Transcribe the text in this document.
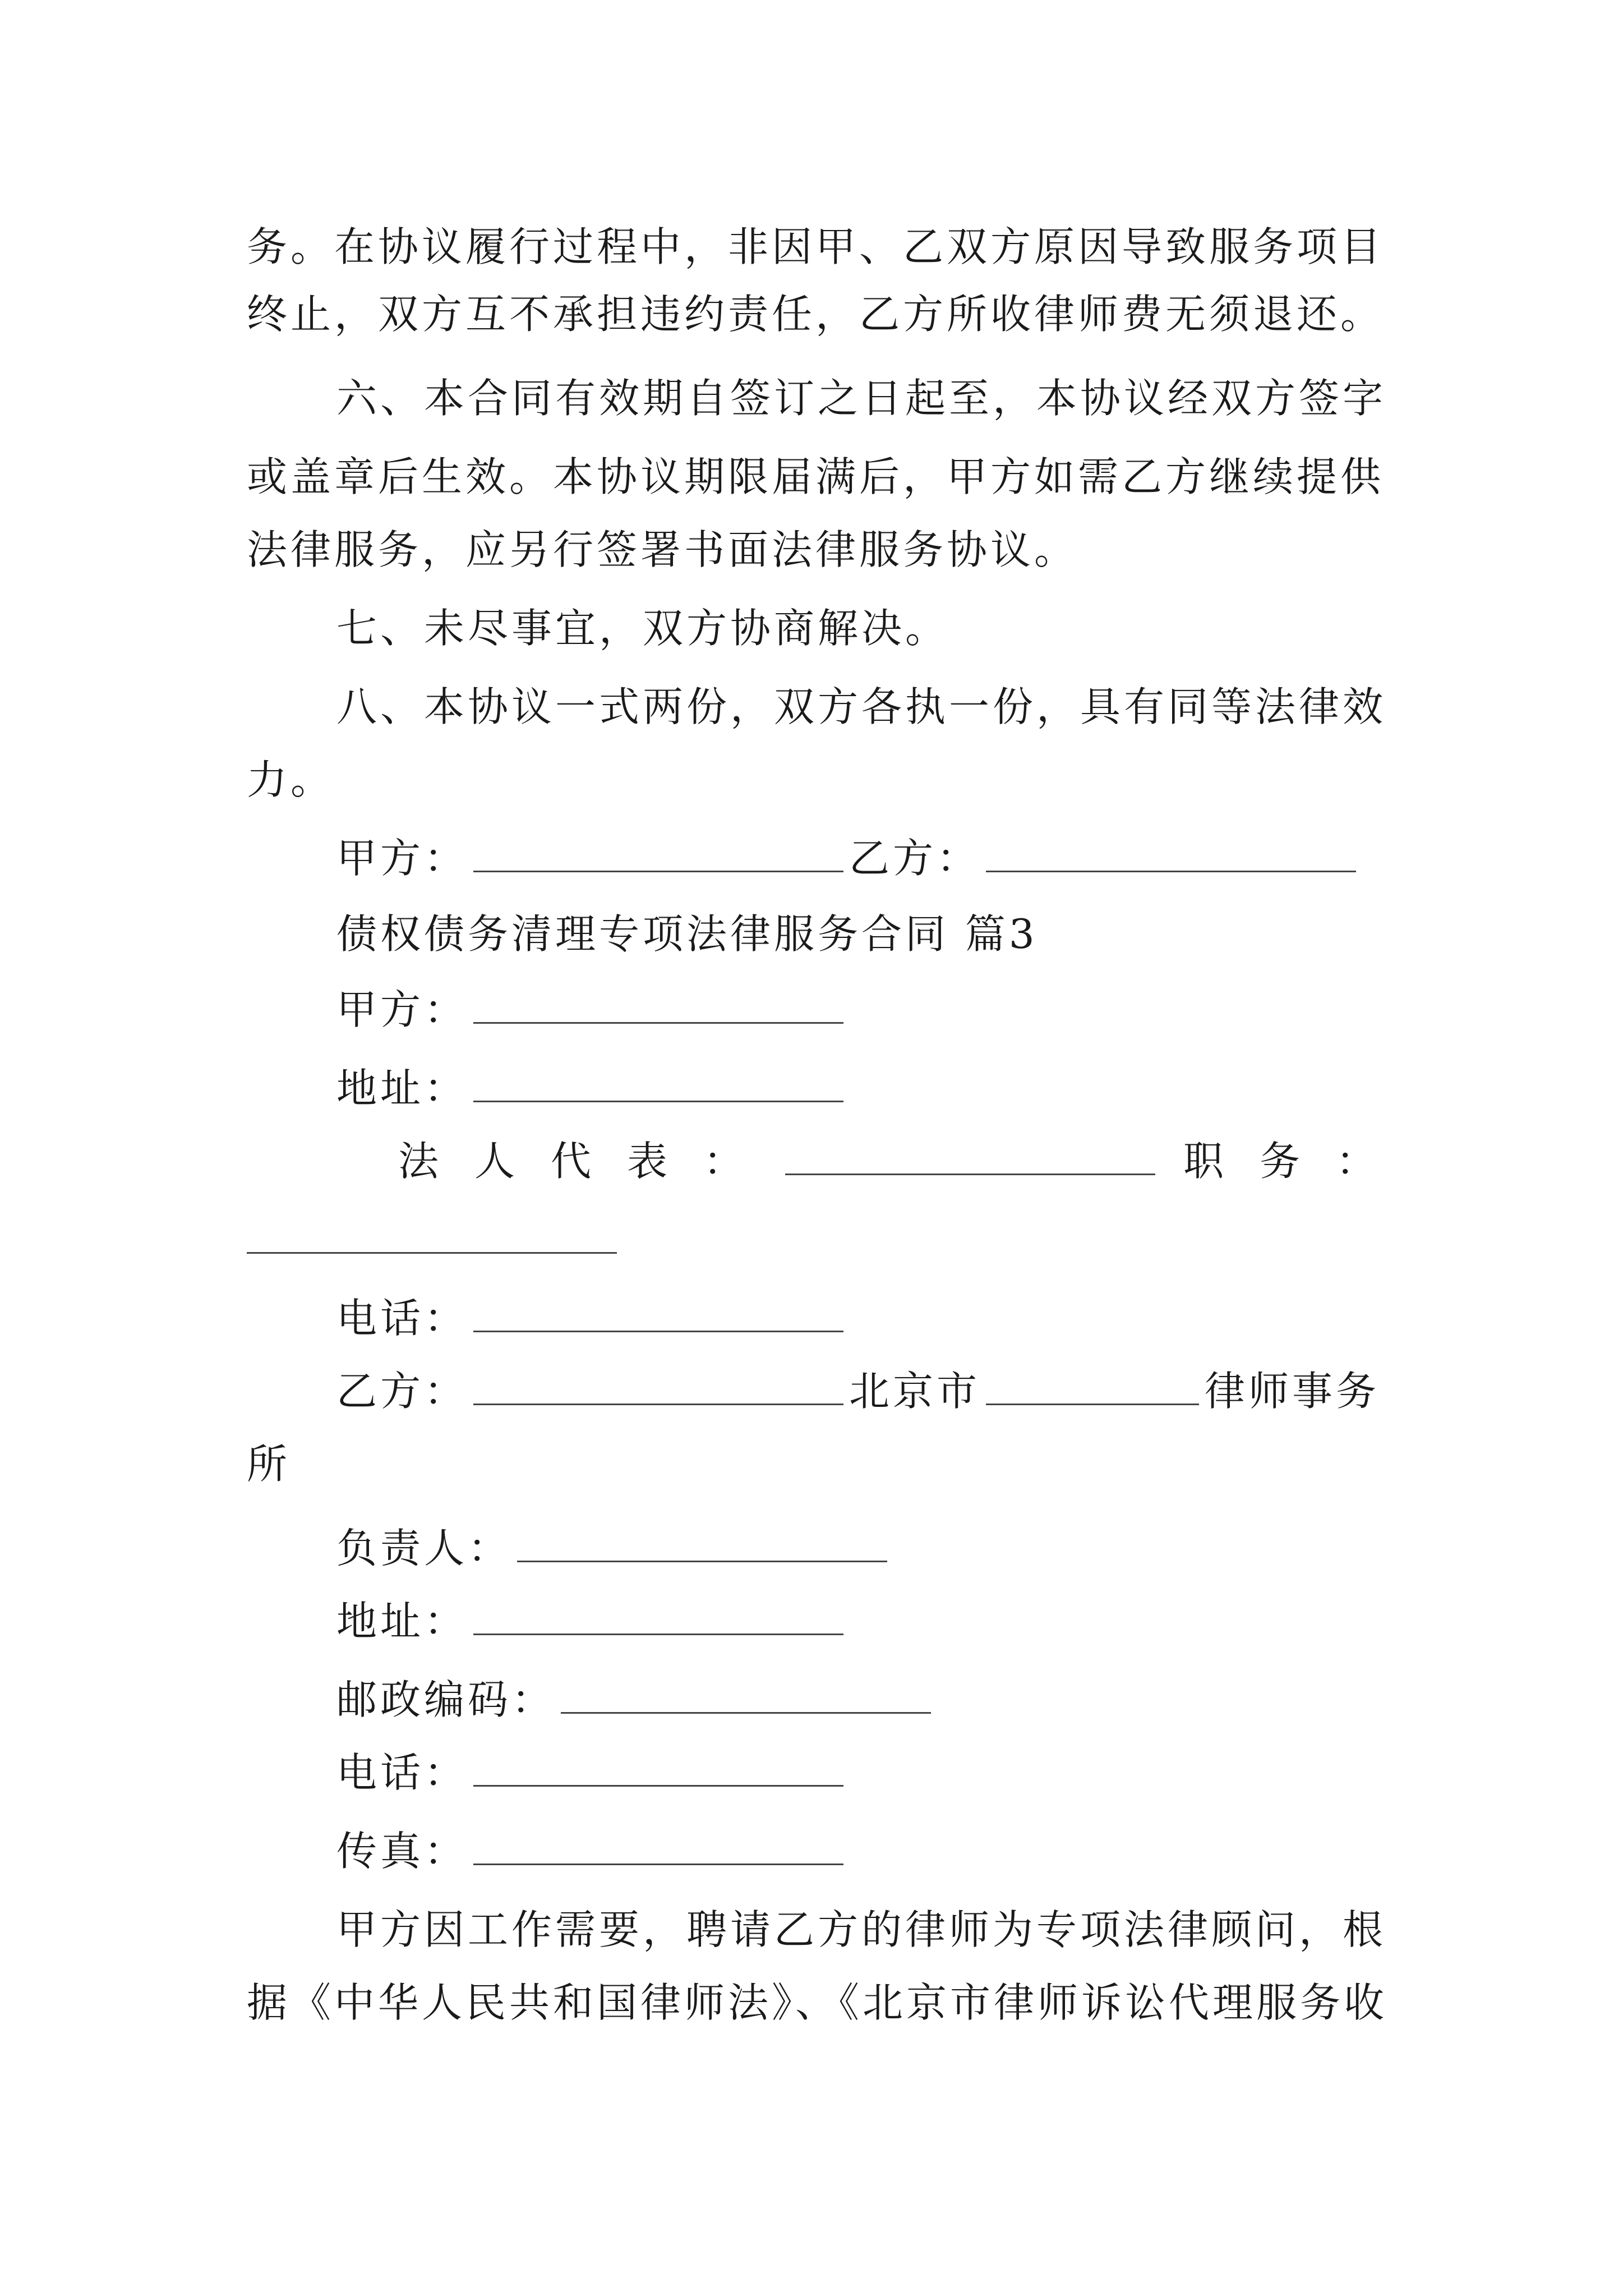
务。在协议履行过程中，非因甲、乙双方原因导致服务项目
终止，双方互不承担违约责任，乙方所收律师费无须退还。
六、本合同有效期自签订之日起至，本协议经双方签字
或盖章后生效。本协议期限届满后，甲方如需乙方继续提供
法律服务，应另行签署书面法律服务协议。
七、未尽事宜，双方协商解决。
八、本协议一式两份，双方各执一份，具有同等法律效
力。
甲方：	乙方：
债权债务清理专项法律服务合同 篇3
甲方：
地址：
法人代表：	职务：
电话：
乙方：	北京市	律师事务
所
负责人：
地址：
邮政编码：
电话：
传真：
甲方因工作需要，聘请乙方的律师为专项法律顾问，根
据《中华人民共和国律师法》、《北京市律师诉讼代理服务收
